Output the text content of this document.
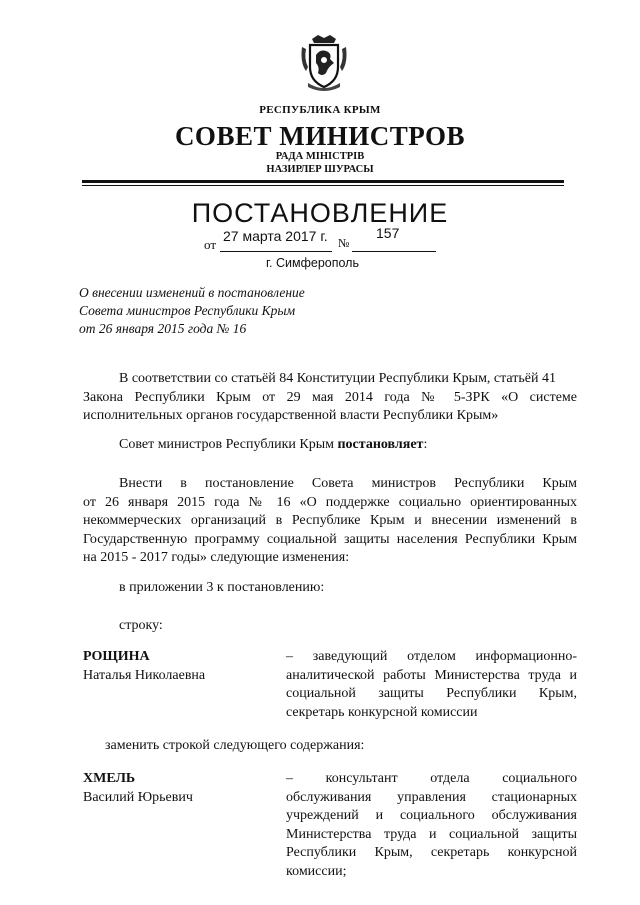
РЕСПУБЛИКА КРЫМ
СОВЕТ МИНИСТРОВ
РАДА МІНІСТРІВ
НАЗИРЛЕР ШУРАСЫ
ПОСТАНОВЛЕНИЕ
27 марта 2017 г.	157
от	№
г. Симферополь
О внесении изменений в постановление
Совета министров Республики Крым
от 26 января 2015 года № 16
В соответствии со статьёй 84 Конституции Республики Крым, статьёй 41
Закона Республики Крым от 29 мая 2014 года № 5-ЗРК «О системе
исполнительных органов государственной власти Республики Крым»
Совет министров Республики Крым постановляет:
Внести в постановление Совета министров Республики Крым
от 26 января 2015 года № 16 «О поддержке социально ориентированных
некоммерческих организаций в Республике Крым и внесении изменений в
Государственную программу социальной защиты населения Республики Крым
на 2015 - 2017 годы» следующие изменения:
в приложении 3 к постановлению:
строку:
РОЩИНА
Наталья Николаевна
– заведующий отделом информационно-
аналитической работы Министерства труда и
социальной защиты Республики Крым,
секретарь конкурсной комиссии
заменить строкой следующего содержания:
ХМЕЛЬ
Василий Юрьевич
– консультант отдела социального
обслуживания управления стационарных
учреждений и социального обслуживания
Министерства труда и социальной защиты
Республики Крым, секретарь конкурсной
комиссии;
